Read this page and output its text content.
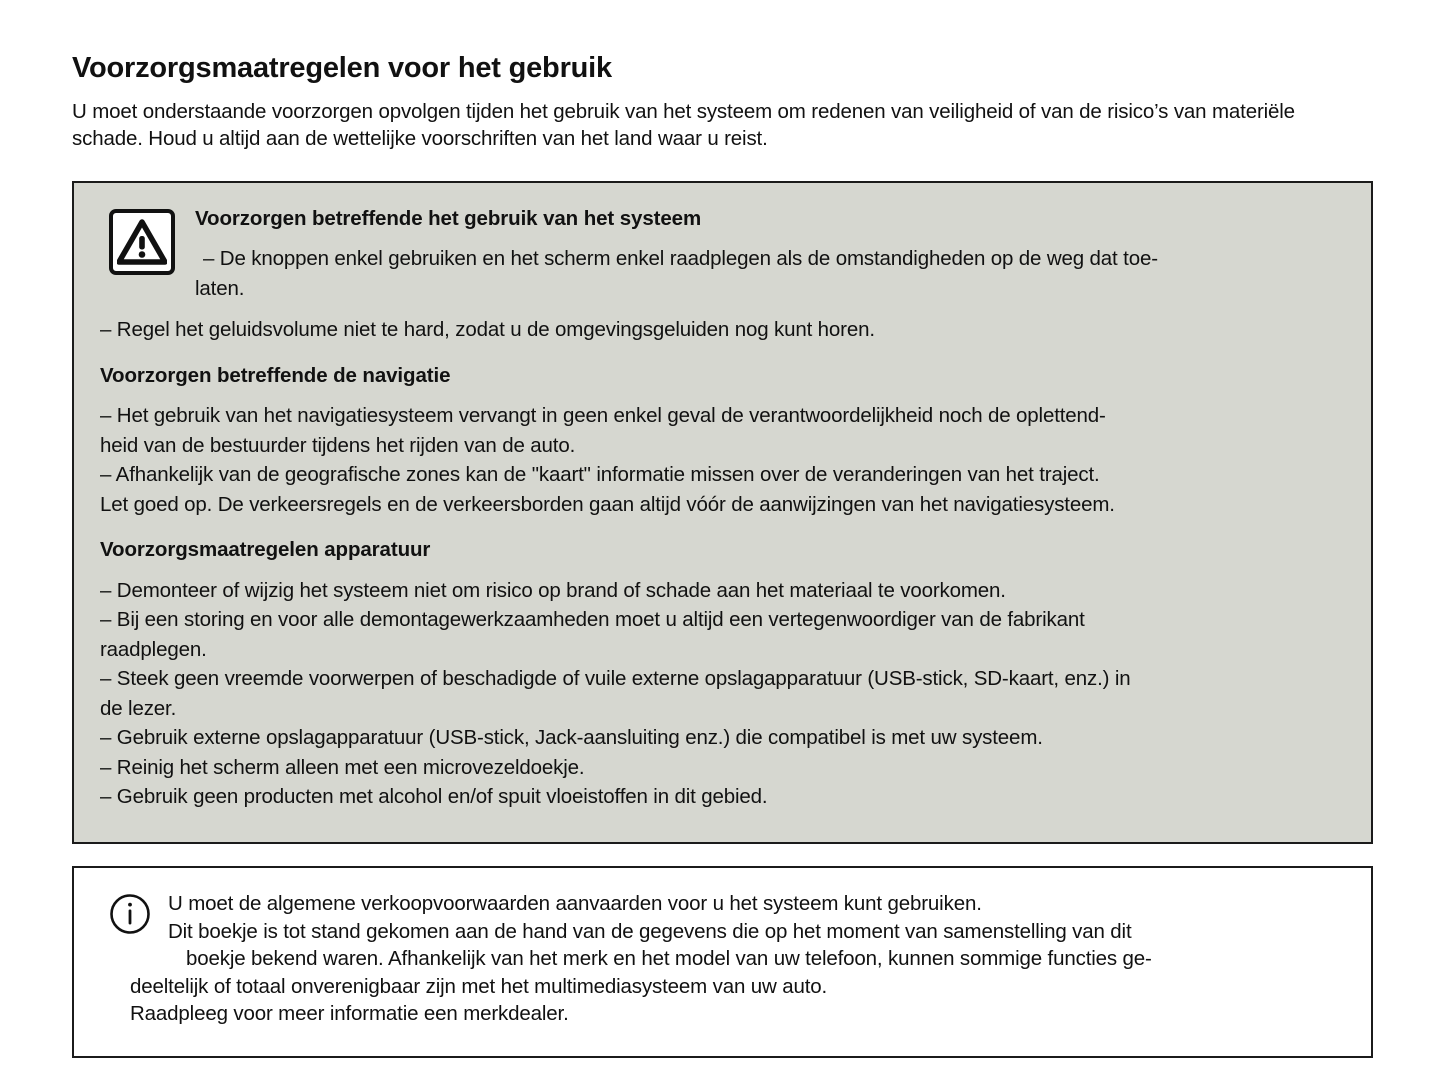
Voorzorgsmaatregelen voor het gebruik

U moet onderstaande voorzorgen opvolgen tijden het gebruik van het systeem om redenen van veiligheid of van de risico’s van materiële schade. Houd u altijd aan de wettelijke voorschriften van het land waar u reist.

Voorzorgen betreffende het gebruik van het systeem

– De knoppen enkel gebruiken en het scherm enkel raadplegen als de omstandigheden op de weg dat toe-

laten.

– Regel het geluidsvolume niet te hard, zodat u de omgevingsgeluiden nog kunt horen.

Voorzorgen betreffende de navigatie

– Het gebruik van het navigatiesysteem vervangt in geen enkel geval de verantwoordelijkheid noch de oplettend-

heid van de bestuurder tijdens het rijden van de auto.

– Afhankelijk van de geografische zones kan de "kaart" informatie missen over de veranderingen van het traject.

Let goed op. De verkeersregels en de verkeersborden gaan altijd vóór de aanwijzingen van het navigatiesysteem.

Voorzorgsmaatregelen apparatuur

– Demonteer of wijzig het systeem niet om risico op brand of schade aan het materiaal te voorkomen.

– Bij een storing en voor alle demontagewerkzaamheden moet u altijd een vertegenwoordiger van de fabrikant

raadplegen.

– Steek geen vreemde voorwerpen of beschadigde of vuile externe opslagapparatuur (USB-stick, SD-kaart, enz.) in

de lezer.

– Gebruik externe opslagapparatuur (USB-stick, Jack-aansluiting enz.) die compatibel is met uw systeem.

– Reinig het scherm alleen met een microvezeldoekje.

– Gebruik geen producten met alcohol en/of spuit vloeistoffen in dit gebied.

U moet de algemene verkoopvoorwaarden aanvaarden voor u het systeem kunt gebruiken.

Dit boekje is tot stand gekomen aan de hand van de gegevens die op het moment van samenstelling van dit

boekje bekend waren. Afhankelijk van het merk en het model van uw telefoon, kunnen sommige functies ge-

deeltelijk of totaal onverenigbaar zijn met het multimediasysteem van uw auto.

Raadpleeg voor meer informatie een merkdealer.
